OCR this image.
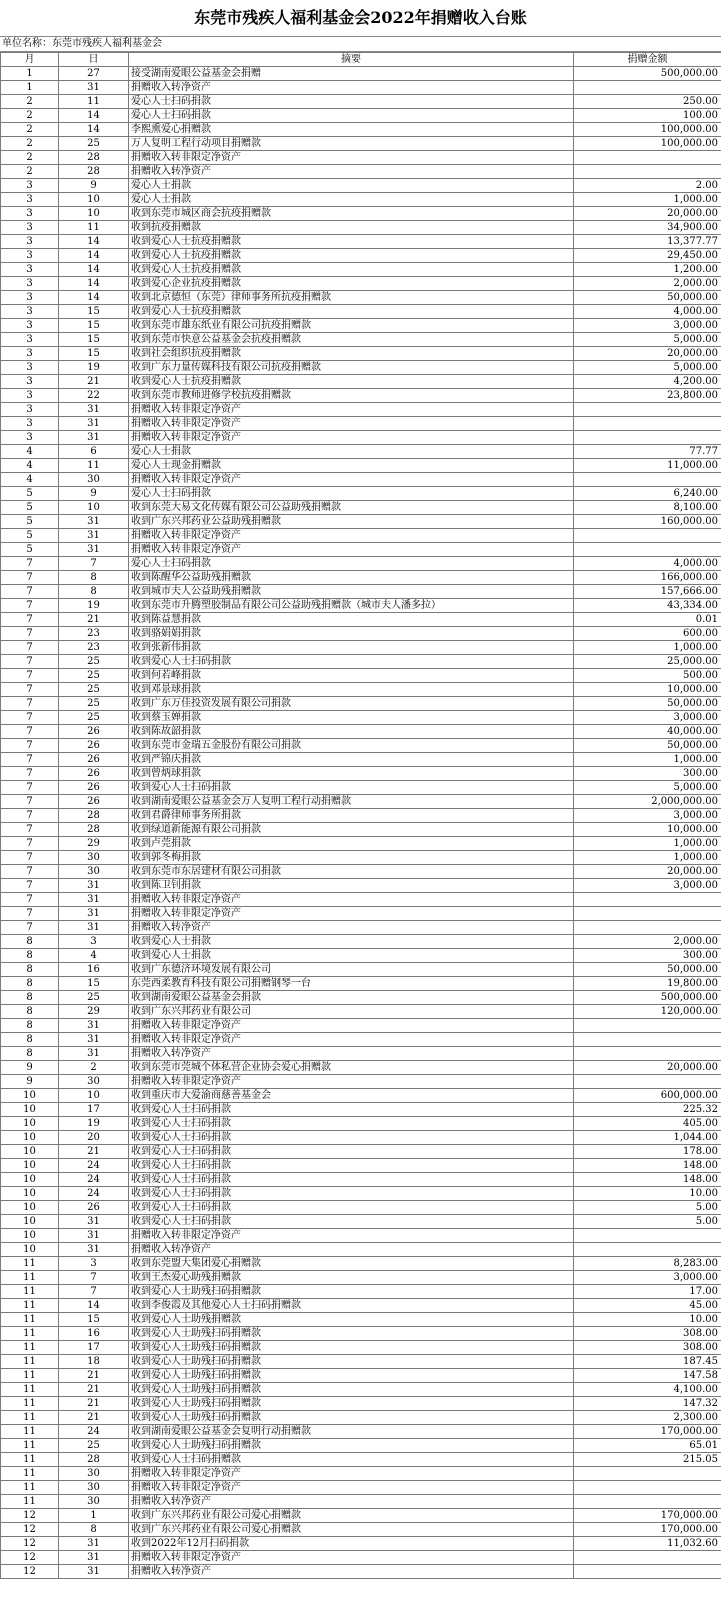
东莞市残疾人福利基金会2022年捐赠收入台账
单位名称：东莞市残疾人福利基金会
月	日	摘要	捐赠金额
1	27	接受湖南爱眼公益基金会捐赠	500,000.00
1	31	捐赠收入转净资产	
2	11	爱心人士扫码捐款	250.00
2	14	爱心人士扫码捐款	100.00
2	14	李熙熏爱心捐赠款	100,000.00
2	25	万人复明工程行动项目捐赠款	100,000.00
2	28	捐赠收入转非限定净资产	
2	28	捐赠收入转净资产	
3	9	爱心人士捐款	2.00
3	10	爱心人士捐款	1,000.00
3	10	收到东莞市城区商会抗疫捐赠款	20,000.00
3	11	收到抗疫捐赠款	34,900.00
3	14	收到爱心人士抗疫捐赠款	13,377.77
3	14	收到爱心人士抗疫捐赠款	29,450.00
3	14	收到爱心人士抗疫捐赠款	1,200.00
3	14	收到爱心企业抗疫捐赠款	2,000.00
3	14	收到北京德恒（东莞）律师事务所抗疫捐赠款	50,000.00
3	15	收到爱心人士抗疫捐赠款	4,000.00
3	15	收到东莞市雄东纸业有限公司抗疫捐赠款	3,000.00
3	15	收到东莞市快意公益基金会抗疫捐赠款	5,000.00
3	15	收到社会组织抗疫捐赠款	20,000.00
3	19	收到广东力量传媒科技有限公司抗疫捐赠款	5,000.00
3	21	收到爱心人士抗疫捐赠款	4,200.00
3	22	收到东莞市教师进修学校抗疫捐赠款	23,800.00
3	31	捐赠收入转非限定净资产	
3	31	捐赠收入转非限定净资产	
3	31	捐赠收入转非限定净资产	
4	6	爱心人士捐款	77.77
4	11	爱心人士现金捐赠款	11,000.00
4	30	捐赠收入转非限定净资产	
5	9	爱心人士扫码捐款	6,240.00
5	10	收到东莞大易文化传媒有限公司公益助残捐赠款	8,100.00
5	31	收到广东兴邦药业公益助残捐赠款	160,000.00
5	31	捐赠收入转非限定净资产	
5	31	捐赠收入转非限定净资产	
7	7	爱心人士扫码捐款	4,000.00
7	8	收到陈醒华公益助残捐赠款	166,000.00
7	8	收到城市夫人公益助残捐赠款	157,666.00
7	19	收到东莞市升腾塑胶制品有限公司公益助残捐赠款（城市夫人潘多拉）	43,334.00
7	21	收到陈益慧捐款	0.01
7	23	收到骆娟娟捐款	600.00
7	23	收到张新伟捐款	1,000.00
7	25	收到爱心人士扫码捐款	25,000.00
7	25	收到何若峰捐款	500.00
7	25	收到邓景球捐款	10,000.00
7	25	收到广东万佳投资发展有限公司捐款	50,000.00
7	25	收到蔡玉婵捐款	3,000.00
7	26	收到陈故韶捐款	40,000.00
7	26	收到东莞市金瑞五金股份有限公司捐款	50,000.00
7	26	收到严锦庆捐款	1,000.00
7	26	收到曾炳球捐款	300.00
7	26	收到爱心人士扫码捐款	5,000.00
7	26	收到湖南爱眼公益基金会万人复明工程行动捐赠款	2,000,000.00
7	28	收到君爵律师事务所捐款	3,000.00
7	28	收到绿道新能源有限公司捐款	10,000.00
7	29	收到卢莞捐款	1,000.00
7	30	收到郭冬梅捐款	1,000.00
7	30	收到东莞市东居建材有限公司捐款	20,000.00
7	31	收到陈卫钊捐款	3,000.00
7	31	捐赠收入转非限定净资产	
7	31	捐赠收入转非限定净资产	
7	31	捐赠收入转净资产	
8	3	收到爱心人士捐款	2,000.00
8	4	收到爱心人士捐款	300.00
8	16	收到广东德济环境发展有限公司	50,000.00
8	15	东莞西柔教育科技有限公司捐赠钢琴一台	19,800.00
8	25	收到湖南爱眼公益基金会捐款	500,000.00
8	29	收到广东兴邦药业有限公司	120,000.00
8	31	捐赠收入转非限定净资产	
8	31	捐赠收入转非限定净资产	
8	31	捐赠收入转净资产	
9	2	收到东莞市莞城个体私营企业协会爱心捐赠款	20,000.00
9	30	捐赠收入转非限定净资产	
10	10	收到重庆市大爱渝商慈善基金会	600,000.00
10	17	收到爱心人士扫码捐款	225.32
10	19	收到爱心人士扫码捐款	405.00
10	20	收到爱心人士扫码捐款	1,044.00
10	21	收到爱心人士扫码捐款	178.00
10	24	收到爱心人士扫码捐款	148.00
10	24	收到爱心人士扫码捐款	148.00
10	24	收到爱心人士扫码捐款	10.00
10	26	收到爱心人士扫码捐款	5.00
10	31	收到爱心人士扫码捐款	5.00
10	31	捐赠收入转非限定净资产	
10	31	捐赠收入转净资产	
11	3	收到东莞盟大集团爱心捐赠款	8,283.00
11	7	收到王杰爱心助残捐赠款	3,000.00
11	7	收到爱心人士助残扫码捐赠款	17.00
11	14	收到李俊霞及其他爱心人士扫码捐赠款	45.00
11	15	收到爱心人士助残捐赠款	10.00
11	16	收到爱心人士助残扫码捐赠款	308.00
11	17	收到爱心人士助残扫码捐赠款	308.00
11	18	收到爱心人士助残扫码捐赠款	187.45
11	21	收到爱心人士助残扫码捐赠款	147.58
11	21	收到爱心人士助残扫码捐赠款	4,100.00
11	21	收到爱心人士助残扫码捐赠款	147.32
11	21	收到爱心人士助残扫码捐赠款	2,300.00
11	24	收到湖南爱眼公益基金会复明行动捐赠款	170,000.00
11	25	收到爱心人士助残扫码捐赠款	65.01
11	28	收到爱心人士扫码捐赠款	215.05
11	30	捐赠收入转非限定净资产	
11	30	捐赠收入转非限定净资产	
11	30	捐赠收入转净资产	
12	1	收到广东兴邦药业有限公司爱心捐赠款	170,000.00
12	8	收到广东兴邦药业有限公司爱心捐赠款	170,000.00
12	31	收到2022年12月扫码捐款	11,032.60
12	31	捐赠收入转非限定净资产	
12	31	捐赠收入转净资产	
